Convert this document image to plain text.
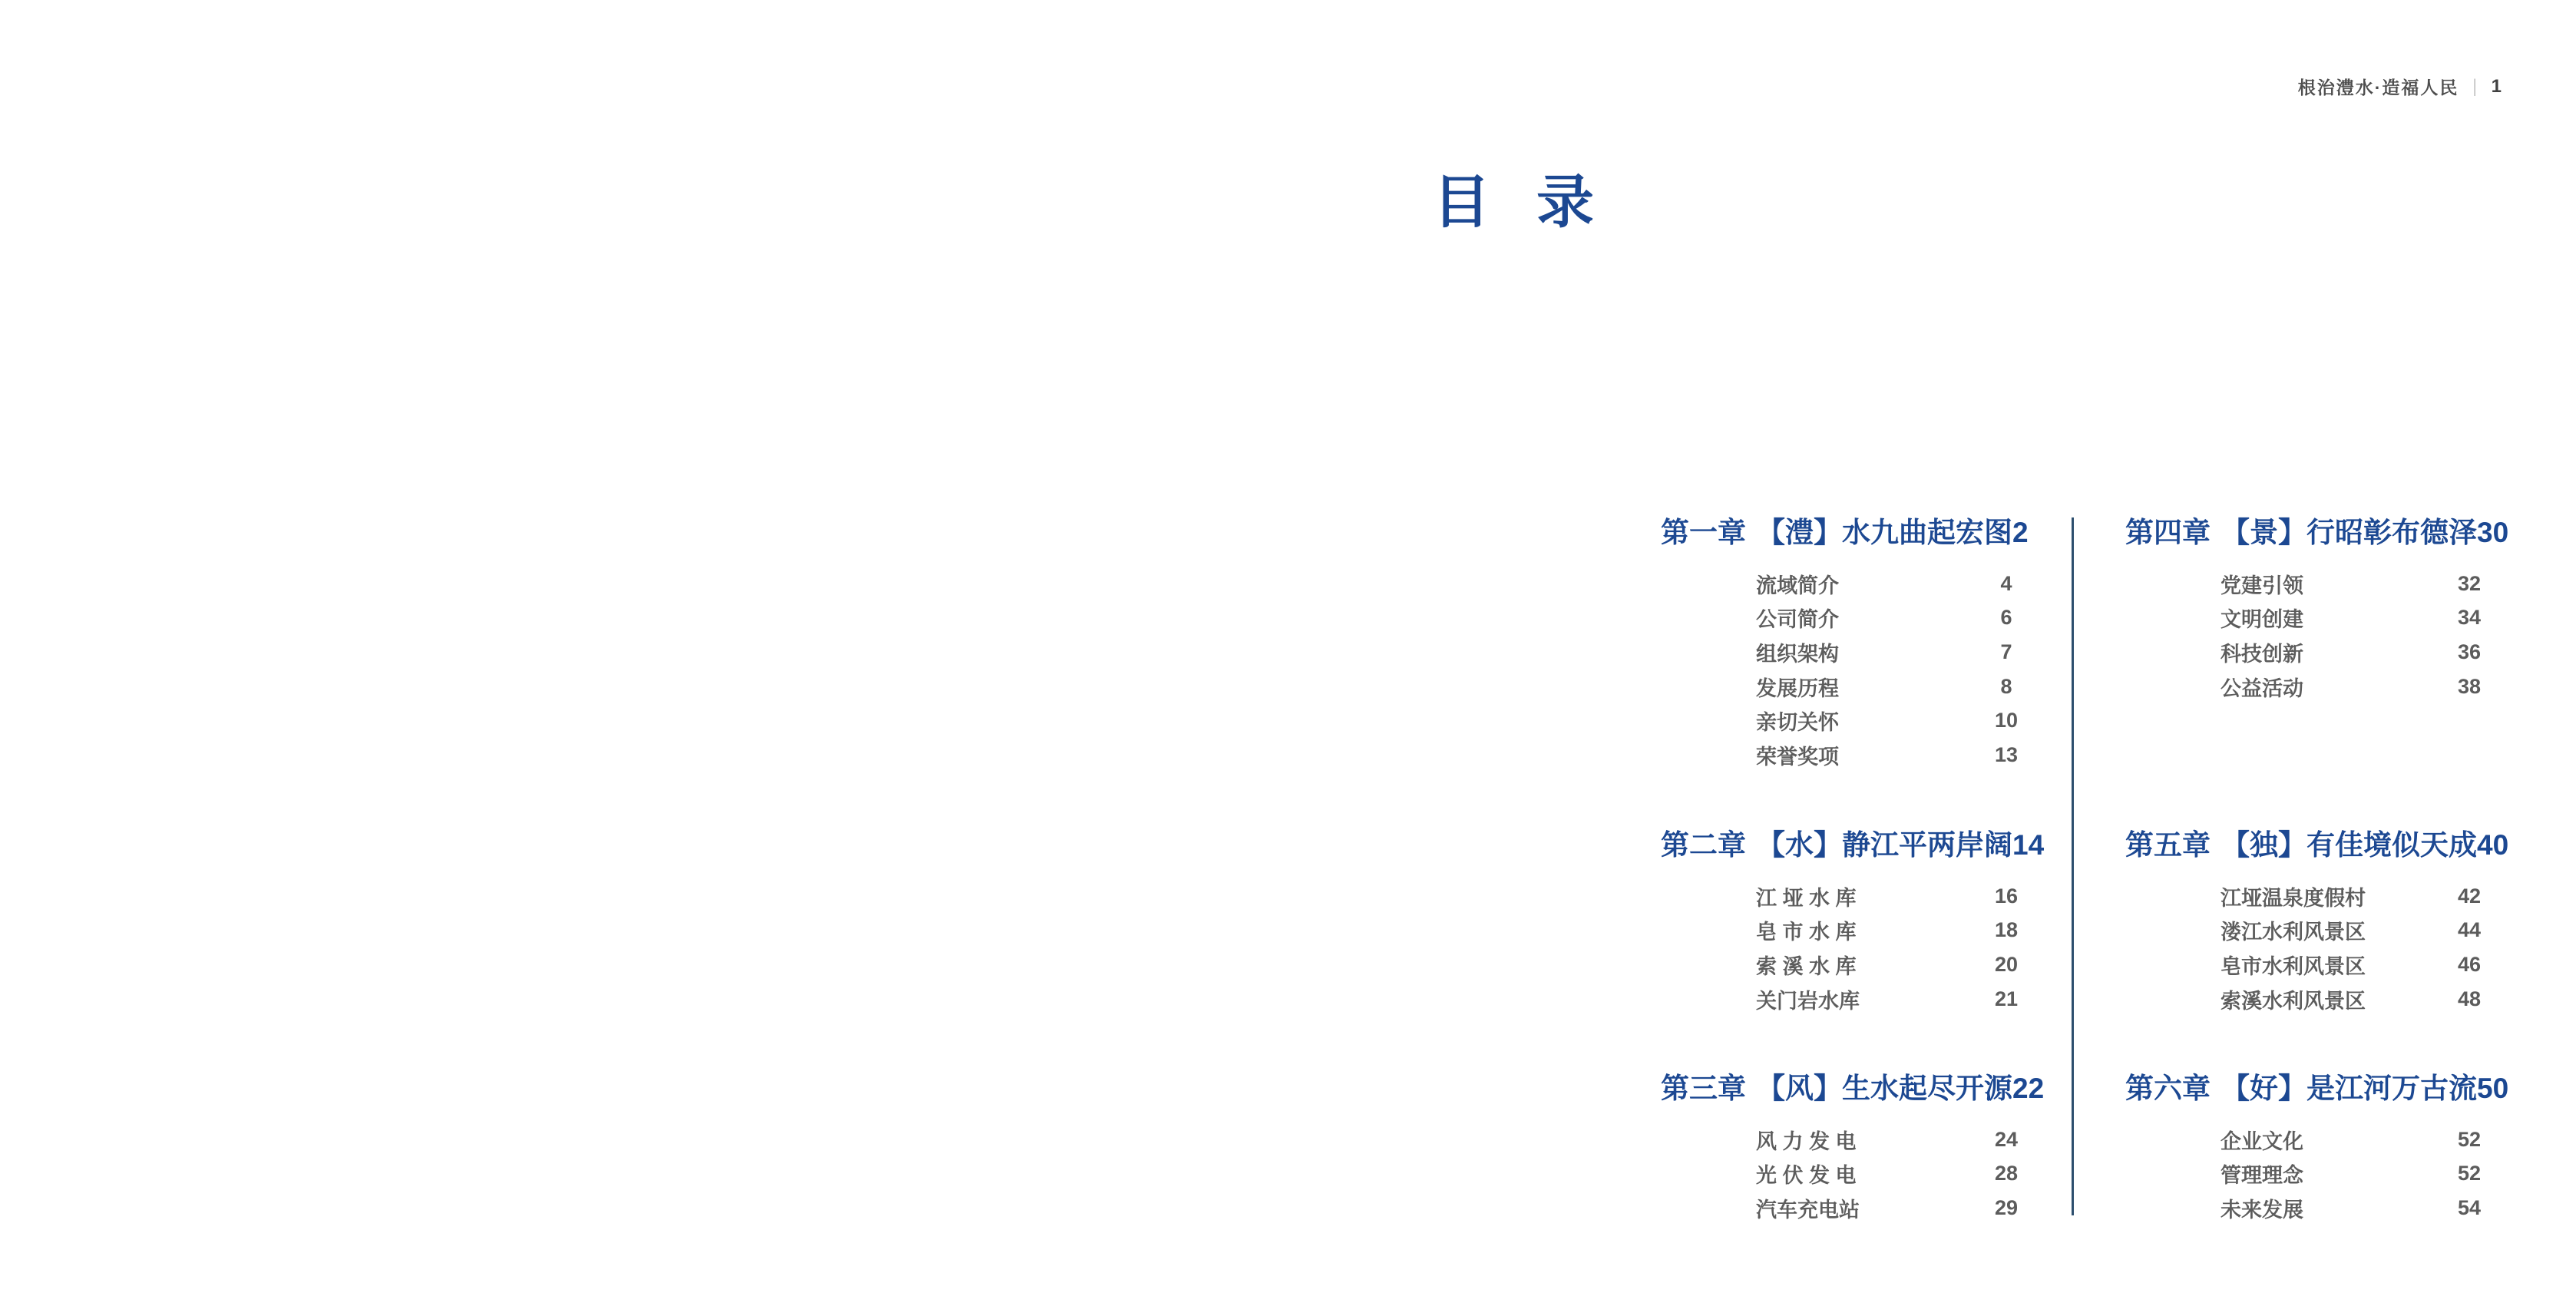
根治澧水·造福人民 | 1
目录
第一章 【澧】水九曲起宏图 2
流域简介	4
公司简介	6
组织架构	7
发展历程	8
亲切关怀	10
荣誉奖项	13
第二章 【水】静江平两岸阔 14
江 垭 水 库	16
皂 市 水 库	18
索 溪 水 库	20
关门岩水库	21
第三章 【风】生水起尽开源 22
风 力 发 电	24
光 伏 发 电	28
汽车充电站	29
第四章 【景】行昭彰布德泽 30
党建引领	32
文明创建	34
科技创新	36
公益活动	38
第五章 【独】有佳境似天成 40
江垭温泉度假村	42
溇江水利风景区	44
皂市水利风景区	46
索溪水利风景区	48
第六章 【好】是江河万古流 50
企业文化	52
管理理念	52
未来发展	54
